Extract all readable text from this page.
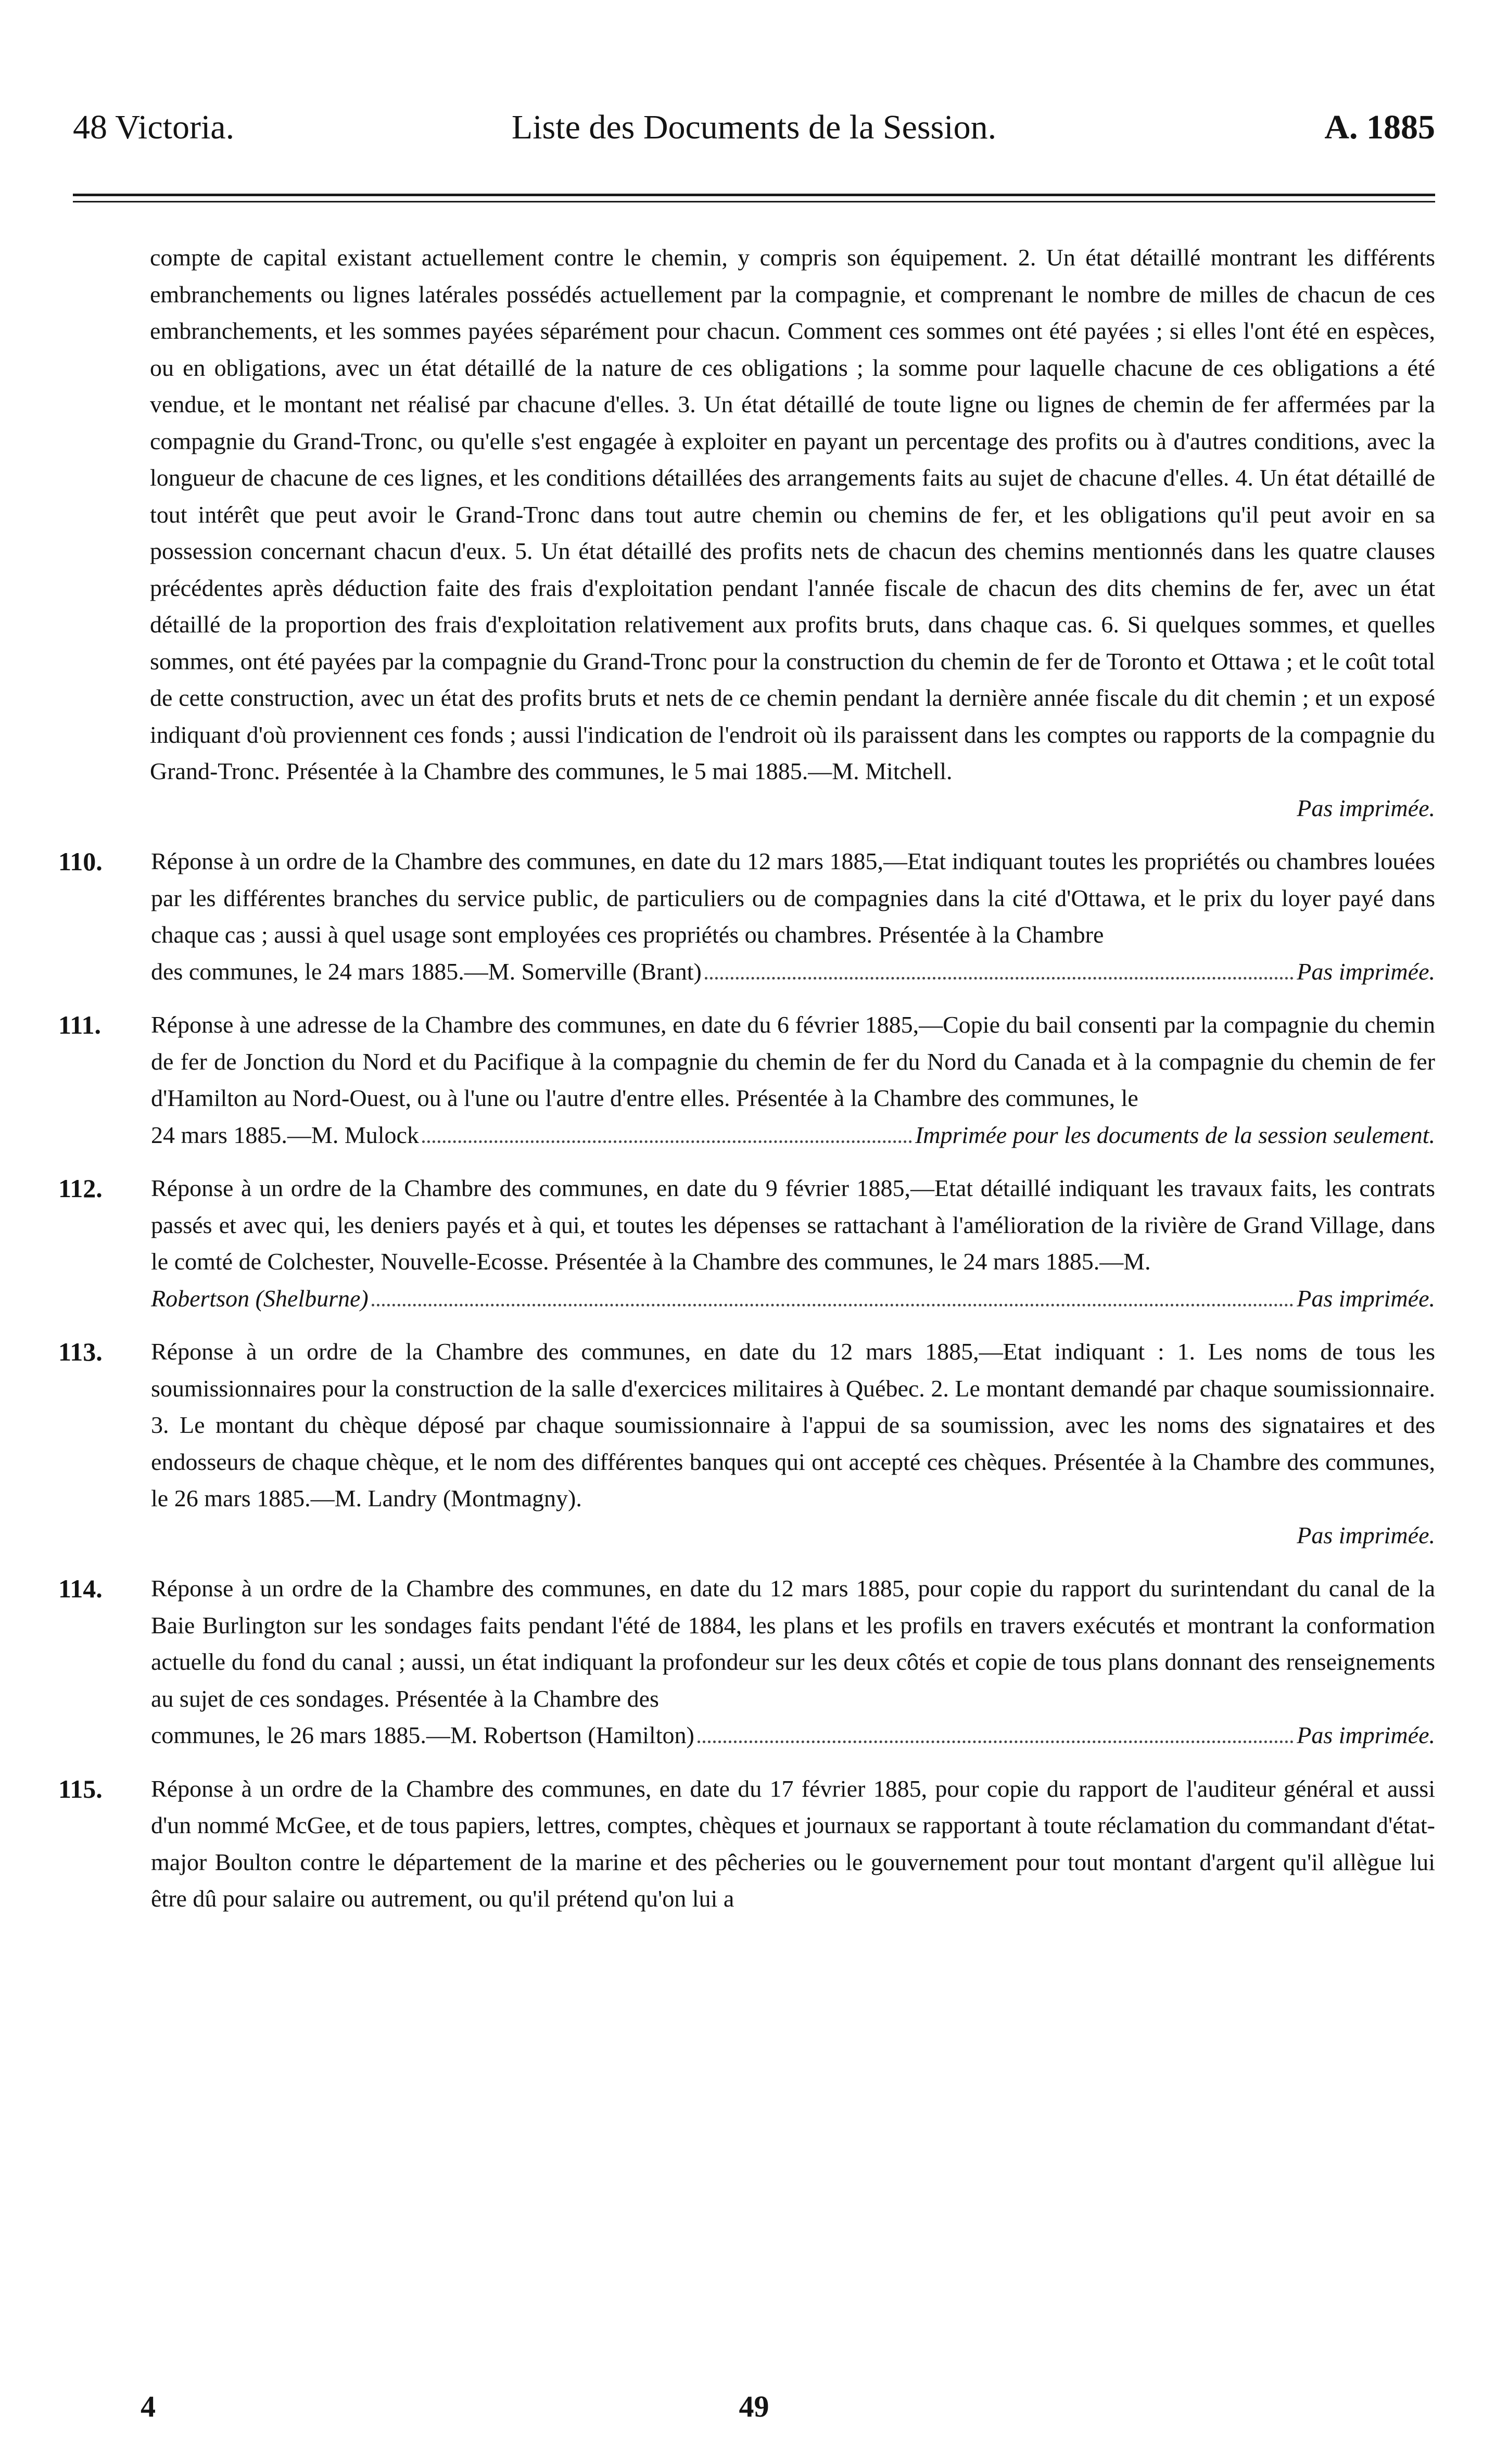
48 Victoria.	Liste des Documents de la Session.	A. 1885

compte de capital existant actuellement contre le chemin, y compris son équipement. 2. Un état détaillé montrant les différents embranchements ou lignes latérales possédés actuellement par la compagnie, et comprenant le nombre de milles de chacun de ces embranchements, et les sommes payées séparément pour chacun. Comment ces sommes ont été payées ; si elles l'ont été en espèces, ou en obligations, avec un état détaillé de la nature de ces obligations ; la somme pour laquelle chacune de ces obligations a été vendue, et le montant net réalisé par chacune d'elles. 3. Un état détaillé de toute ligne ou lignes de chemin de fer affermées par la compagnie du Grand-Tronc, ou qu'elle s'est engagée à exploiter en payant un percentage des profits ou à d'autres conditions, avec la longueur de chacune de ces lignes, et les conditions détaillées des arrangements faits au sujet de chacune d'elles. 4. Un état détaillé de tout intérêt que peut avoir le Grand-Tronc dans tout autre chemin ou chemins de fer, et les obligations qu'il peut avoir en sa possession concernant chacun d'eux. 5. Un état détaillé des profits nets de chacun des chemins mentionnés dans les quatre clauses précédentes après déduction faite des frais d'exploitation pendant l'année fiscale de chacun des dits chemins de fer, avec un état détaillé de la proportion des frais d'exploitation relativement aux profits bruts, dans chaque cas. 6. Si quelques sommes, et quelles sommes, ont été payées par la compagnie du Grand-Tronc pour la construction du chemin de fer de Toronto et Ottawa ; et le coût total de cette construction, avec un état des profits bruts et nets de ce chemin pendant la dernière année fiscale du dit chemin ; et un exposé indiquant d'où proviennent ces fonds ; aussi l'indication de l'endroit où ils paraissent dans les comptes ou rapports de la compagnie du Grand-Tronc. Présentée à la Chambre des communes, le 5 mai 1885.—M. Mitchell.

Pas imprimée.
110.	Réponse à un ordre de la Chambre des communes, en date du 12 mars 1885,—Etat indiquant toutes les propriétés ou chambres louées par les différentes branches du service public, de particuliers ou de compagnies dans la cité d'Ottawa, et le prix du loyer payé dans chaque cas ; aussi à quel usage sont employées ces propriétés ou chambres. Présentée à la Chambre

des communes, le 24 mars 1885.—M. Somerville (Brant)	Pas imprimée.
111.	Réponse à une adresse de la Chambre des communes, en date du 6 février 1885,—Copie du bail consenti par la compagnie du chemin de fer de Jonction du Nord et du Pacifique à la compagnie du chemin de fer du Nord du Canada et à la compagnie du chemin de fer d'Hamilton au Nord-Ouest, ou à l'une ou l'autre d'entre elles. Présentée à la Chambre des communes, le

24 mars 1885.—M. Mulock	Imprimée pour les documents de la session seulement.
112.	Réponse à un ordre de la Chambre des communes, en date du 9 février 1885,—Etat détaillé indiquant les travaux faits, les contrats passés et avec qui, les deniers payés et à qui, et toutes les dépenses se rattachant à l'amélioration de la rivière de Grand Village, dans le comté de Colchester, Nouvelle-Ecosse. Présentée à la Chambre des communes, le 24 mars 1885.—M.

Robertson (Shelburne)	Pas imprimée.
113.	Réponse à un ordre de la Chambre des communes, en date du 12 mars 1885,—Etat indiquant : 1. Les noms de tous les soumissionnaires pour la construction de la salle d'exercices militaires à Québec. 2. Le montant demandé par chaque soumissionnaire. 3. Le montant du chèque déposé par chaque soumissionnaire à l'appui de sa soumission, avec les noms des signataires et des endosseurs de chaque chèque, et le nom des différentes banques qui ont accepté ces chèques. Présentée à la Chambre des communes, le 26 mars 1885.—M. Landry (Montmagny).

Pas imprimée.
114.	Réponse à un ordre de la Chambre des communes, en date du 12 mars 1885, pour copie du rapport du surintendant du canal de la Baie Burlington sur les sondages faits pendant l'été de 1884, les plans et les profils en travers exécutés et montrant la conformation actuelle du fond du canal ; aussi, un état indiquant la profondeur sur les deux côtés et copie de tous plans donnant des renseignements au sujet de ces sondages. Présentée à la Chambre des

communes, le 26 mars 1885.—M. Robertson (Hamilton)	Pas imprimée.
115.	Réponse à un ordre de la Chambre des communes, en date du 17 février 1885, pour copie du rapport de l'auditeur général et aussi d'un nommé McGee, et de tous papiers, lettres, comptes, chèques et journaux se rapportant à toute réclamation du commandant d'état-major Boulton contre le département de la marine et des pêcheries ou le gouvernement pour tout montant d'argent qu'il allègue lui être dû pour salaire ou autrement, ou qu'il prétend qu'on lui a

4	49
